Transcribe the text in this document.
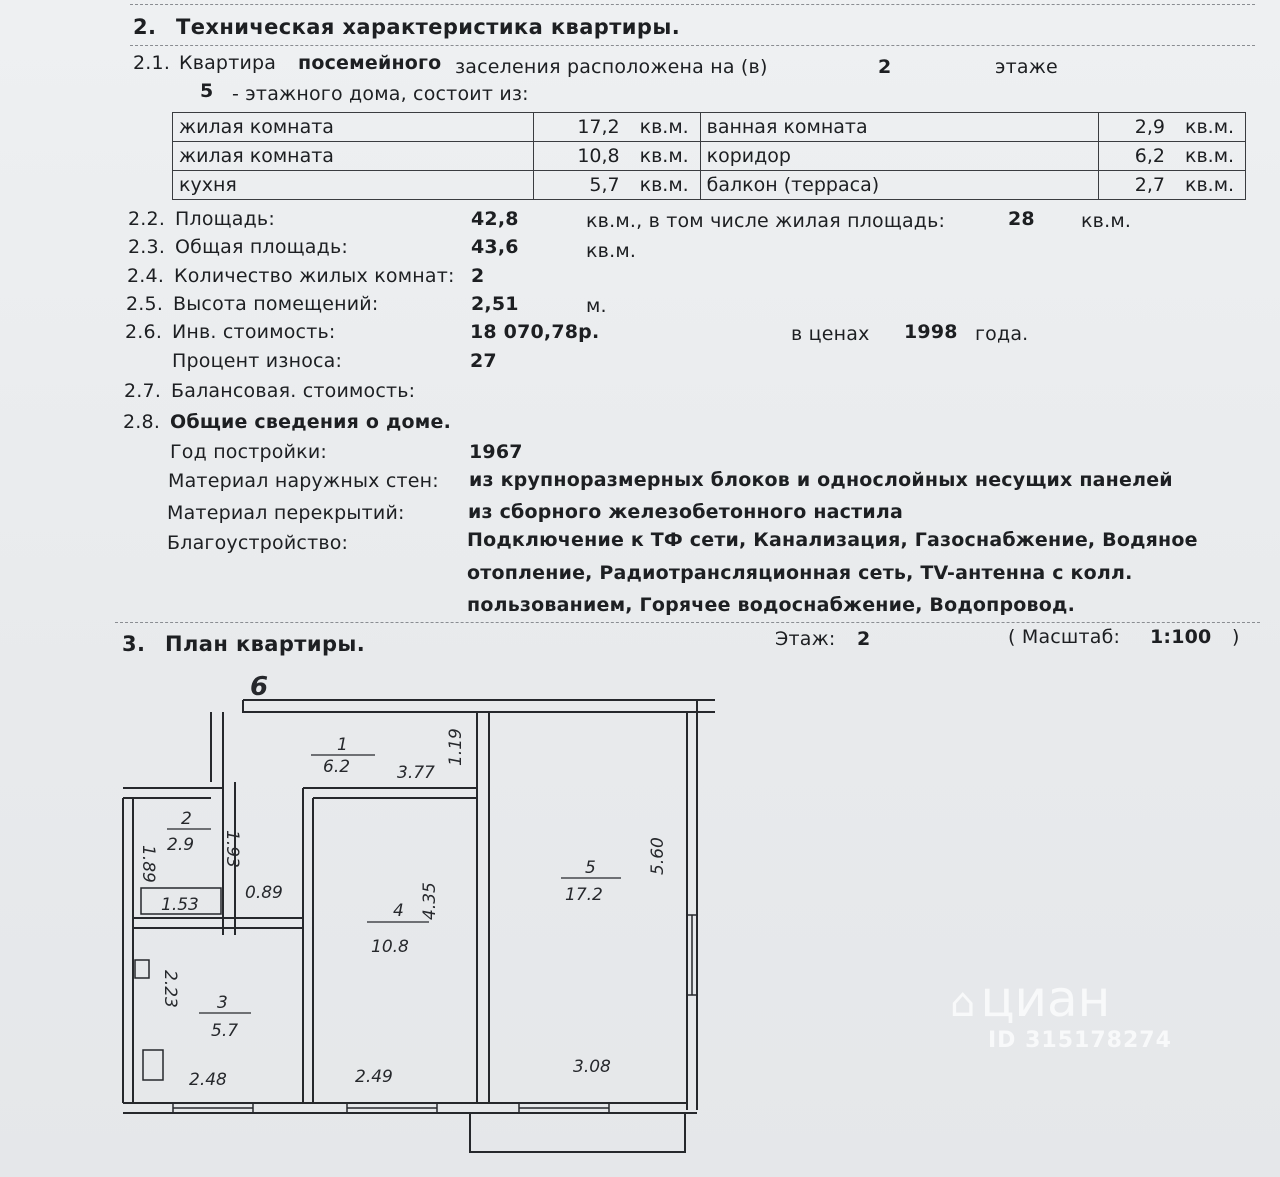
2. Техническая характеристика квартиры.
2.1. Квартира посемейного заселения расположена на (в)	2	этаже
5 - этажного дома, состоит из:
жилая комната	17,2	кв.м.	ванная комната	2,9	кв.м.
жилая комната	10,8	кв.м.	коридор	6,2	кв.м.
кухня	5,7	кв.м.	балкон (терраса)	2,7	кв.м.
2.2. Площадь:	42,8	кв.м., в том числе жилая площадь:	28 кв.м.
2.3. Общая площадь:	43,6	кв.м.
2.4. Количество жилых комнат: 2
2.5. Высота помещений:	2,51	м.
2.6. Инв. стоимость:	18 070,78р.	в ценах 1998 года.
Процент износа:	27
2.7. Балансовая. стоимость:
2.8. Общие сведения о доме.
Год постройки:	1967
Материал наружных стен: из крупноразмерных блоков и однослойных несущих панелей
Материал перекрытий:	из сборного железобетонного настила
Благоустройство:	Подключение к ТФ сети, Канализация, Газоснабжение, Водяное
отопление, Радиотрансляционная сеть, TV-антенна с колл.
пользованием, Горячее водоснабжение, Водопровод.
3. План квартиры.	Этаж: 2	( Масштаб: 1:100 )
6
1
6.2	3.77
1.19
2
2.9
1.89	1.93
1.53
0.89
3
5.7
2.23
2.48
4
10.8
4.35
2.49
5
17.2
5.60
3.08
⌂ циан
ID 315178274
